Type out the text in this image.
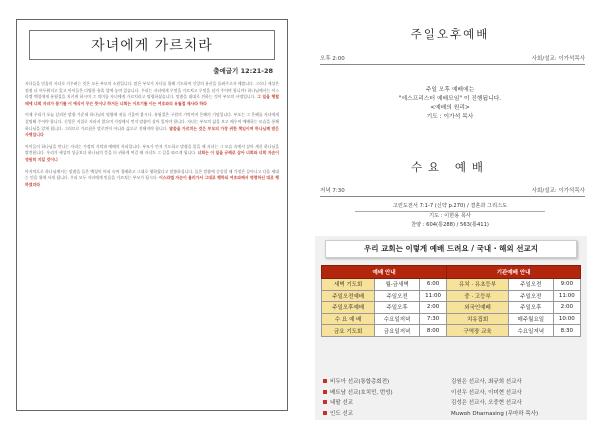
자녀에게 가르치라
출애굽기 12:21-28

자녀들을 믿음의 자녀로 키우려는 것은 모든 부모의 소원입니다. 많은 부모가 자녀를 위해 기도하며 신앙의 유산을 물려주고자 애씁니다. 그러나 세상은 점점 더 어두워지고 있고 아이들은 다양한 유혹 앞에 놓여 있습니다. 우리는 자녀에게 무엇을 가르치고 무엇을 남겨 주어야 합니까? 하나님께서는 이스라엘 백성에게 유월절을 지키게 하시며 그 의미를 자녀에게 가르치라고 명령하셨습니다. 말씀을 대대로 전하는 것이 부모의 사명입니다. 그 일을 행할 때에 너희 자녀가 묻기를 이 예식이 무슨 뜻이냐 하거든 너희는 이르기를 이는 여호와의 유월절 제사라 하라

이제 우리가 오늘 살펴본 말씀 가운데 하나님의 명령에 귀를 기울여 봅시다. 유월절은 구원의 기억이며 은혜의 기념입니다. 부모는 그 은혜를 자녀에게 설명해 주어야 합니다. 신앙은 저절로 자라지 않으며 가정에서 먼저 말씀이 살아 있어야 합니다. 자녀는 부모의 삶을 보고 배우며 예배하는 모습을 통해 하나님을 알게 됩니다. 그러므로 가르침은 말로만이 아니라 삶으로 전해져야 합니다. 말씀을 가르치는 것은 부모의 가장 귀한 책임이며 하나님께 받은 사명입니다

아이들이 하나님을 만나는 자리는 가정의 식탁과 예배의 자리입니다. 부모가 먼저 기도하고 말씀을 읽을 때 자녀는 그 모습 속에서 살아 계신 하나님을 발견합니다. 우리가 세상의 성공보다 하나님의 뜻을 더 귀하게 여길 때 자녀도 그 길을 따르게 됩니다. 너희는 이 일을 규례로 삼아 너희와 너희 자손이 영원히 지킬 것이니

마지막으로 하나님께서는 말씀을 들은 백성이 머리 숙여 경배하고 그대로 행하였다고 말씀하십니다. 들은 말씀에 순종할 때 가정은 살아나고 다음 세대는 믿음 위에 서게 됩니다. 우리 모두 자녀에게 믿음을 가르치는 부모가 됩시다. 이스라엘 자손이 물러가서 그대로 행하되 여호와께서 명령하신 대로 행하였더라

주일오후예배
오후 2:00	사회/설교: 이가석목사
주일 오후 예배에는
"에스프리스터 예배모임" 이 진행됩니다.
<예배의 원리>
기도 : 이가석 목사
수요 예배
저녁 7:30	사회/설교: 이가석목사
고린도전서 7:1-7 (신약 p.270) / 결혼과 그리스도
기도 : 이한용 목사
찬양 : 604(통288) / 563(통411)
우리 교회는 이렇게 예배 드려요 / 국내 · 해외 선교지
예배 안내			기관예배 안내		
새벽 기도회	월-금새벽	6:00	유치 · 유초등부	주일오전	9:00
주일오전예배	주일오전	11:00	중 · 고등부	주일오전	11:00
주일오후예배	주일오후	2:00	외국인예배	주일오후	2:00
수 요 예 배	수요일저녁	7:30	치유집회	매주월요일	10:00
금요 기도회	금요일저녁	8:00	구역장 교육	수요일저녁	8:30
비두아 선교(통합총회전)	김원은 선교사, 최규희 선교사
베트남 선교(호치민, 번엉)	이선우 선교사, 이미현 선교사
네팔 선교	김성은 선교사, 오중현 선교사
인도 선교	Muwoh Dharnasing (무마하 목사)
